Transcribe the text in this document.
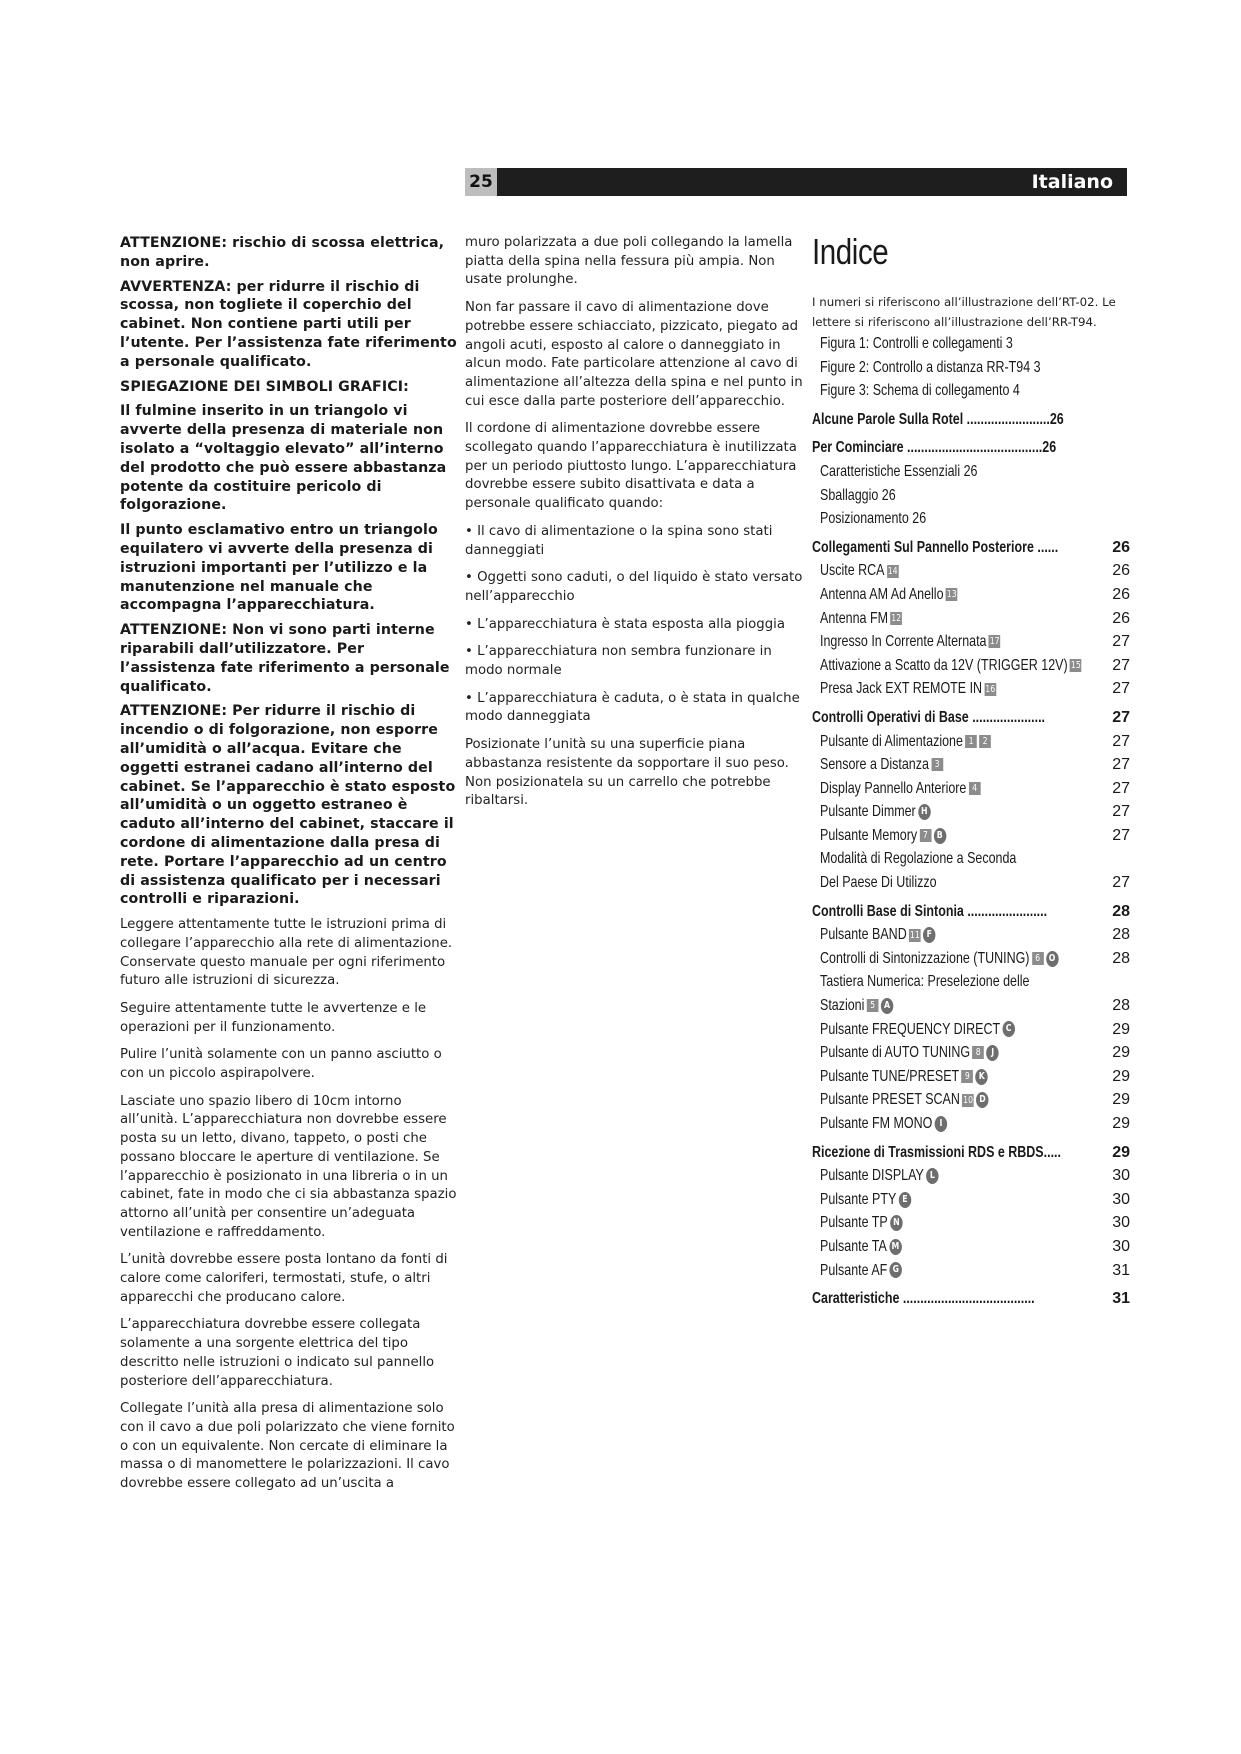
25	Italiano

ATTENZIONE: rischio di scossa elettrica, non aprire.

AVVERTENZA: per ridurre il rischio di scossa, non togliete il coperchio del cabinet. Non contiene parti utili per l’utente. Per l’assistenza fate riferimento a personale qualificato.

SPIEGAZIONE DEI SIMBOLI GRAFICI:

Il fulmine inserito in un triangolo vi avverte della presenza di materiale non isolato a “voltaggio elevato” all’interno del prodotto che può essere abbastanza potente da costituire pericolo di folgorazione.

Il punto esclamativo entro un triangolo equilatero vi avverte della presenza di istruzioni importanti per l’utilizzo e la manutenzione nel manuale che accompagna l’apparecchiatura.

ATTENZIONE: Non vi sono parti interne riparabili dall’utilizzatore. Per l’assistenza fate riferimento a personale qualificato.

ATTENZIONE: Per ridurre il rischio di incendio o di folgorazione, non esporre all’umidità o all’acqua. Evitare che oggetti estranei cadano all’interno del cabinet. Se l’apparecchio è stato esposto all’umidità o un oggetto estraneo è caduto all’interno del cabinet, staccare il cordone di alimentazione dalla presa di rete. Portare l’apparecchio ad un centro di assistenza qualificato per i necessari controlli e riparazioni.

Leggere attentamente tutte le istruzioni prima di collegare l’apparecchio alla rete di alimentazione. Conservate questo manuale per ogni riferimento futuro alle istruzioni di sicurezza.

Seguire attentamente tutte le avvertenze e le operazioni per il funzionamento.

Pulire l’unità solamente con un panno asciutto o con un piccolo aspirapolvere.

Lasciate uno spazio libero di 10cm intorno all’unità. L’apparecchiatura non dovrebbe essere posta su un letto, divano, tappeto, o posti che possano bloccare le aperture di ventilazione. Se l’apparecchio è posizionato in una libreria o in un cabinet, fate in modo che ci sia abbastanza spazio attorno all’unità per consentire un’adeguata ventilazione e raffreddamento.

L’unità dovrebbe essere posta lontano da fonti di calore come caloriferi, termostati, stufe, o altri apparecchi che producano calore.

L’apparecchiatura dovrebbe essere collegata solamente a una sorgente elettrica del tipo descritto nelle istruzioni o indicato sul pannello posteriore dell’apparecchiatura.

Collegate l’unità alla presa di alimentazione solo con il cavo a due poli polarizzato che viene fornito o con un equivalente. Non cercate di eliminare la massa o di manomettere le polarizzazioni. Il cavo dovrebbe essere collegato ad un’uscita a

muro polarizzata a due poli collegando la lamella piatta della spina nella fessura più ampia. Non usate prolunghe.

Non far passare il cavo di alimentazione dove potrebbe essere schiacciato, pizzicato, piegato ad angoli acuti, esposto al calore o danneggiato in alcun modo. Fate particolare attenzione al cavo di alimentazione all’altezza della spina e nel punto in cui esce dalla parte posteriore dell’apparecchio.

Il cordone di alimentazione dovrebbe essere scollegato quando l’apparecchiatura è inutilizzata per un periodo piuttosto lungo. L’apparecchiatura dovrebbe essere subito disattivata e data a personale qualificato quando:

• Il cavo di alimentazione o la spina sono stati danneggiati

• Oggetti sono caduti, o del liquido è stato versato nell’apparecchio

• L’apparecchiatura è stata esposta alla pioggia

• L’apparecchiatura non sembra funzionare in modo normale

• L’apparecchiatura è caduta, o è stata in qualche modo danneggiata

Posizionate l’unità su una superficie piana abbastanza resistente da sopportare il suo peso. Non posizionatela su un carrello che potrebbe ribaltarsi.

Indice

I numeri si riferiscono all’illustrazione dell’RT-02. Le lettere si riferiscono all’illustrazione dell’RR-T94.

Figura 1: Controlli e collegamenti 3
Figure 2: Controllo a distanza RR-T94 3
Figure 3: Schema di collegamento 4
Alcune Parole Sulla Rotel ........................26
Per Cominciare .......................................26
Caratteristiche Essenziali 26
Sballaggio 26
Posizionamento 26
Collegamenti Sul Pannello Posteriore ......	26
Uscite RCA 14	26
Antenna AM Ad Anello 13	26
Antenna FM 12	26
Ingresso In Corrente Alternata 17	27
Attivazione a Scatto da 12V (TRIGGER 12V) 15 27
Presa Jack EXT REMOTE IN 16	27
Controlli Operativi di Base .....................	27
Pulsante di Alimentazione 1 2	27
Sensore a Distanza 3	27
Display Pannello Anteriore 4	27
Pulsante Dimmer H	27
Pulsante Memory 7 B	27
Modalità di Regolazione a Seconda
Del Paese Di Utilizzo	27
Controlli Base di Sintonia .......................	28
Pulsante BAND 11 F	28
Controlli di Sintonizzazione (TUNING) 6 O	28
Tastiera Numerica: Preselezione delle
Stazioni 5 A	28
Pulsante FREQUENCY DIRECT C	29
Pulsante di AUTO TUNING 8 J	29
Pulsante TUNE/PRESET 9 K	29
Pulsante PRESET SCAN 10 D	29
Pulsante FM MONO I	29
Ricezione di Trasmissioni RDS e RBDS.....	29
Pulsante DISPLAY L	30
Pulsante PTY E	30
Pulsante TP N	30
Pulsante TA M	30
Pulsante AF G	31
Caratteristiche ......................................	31
